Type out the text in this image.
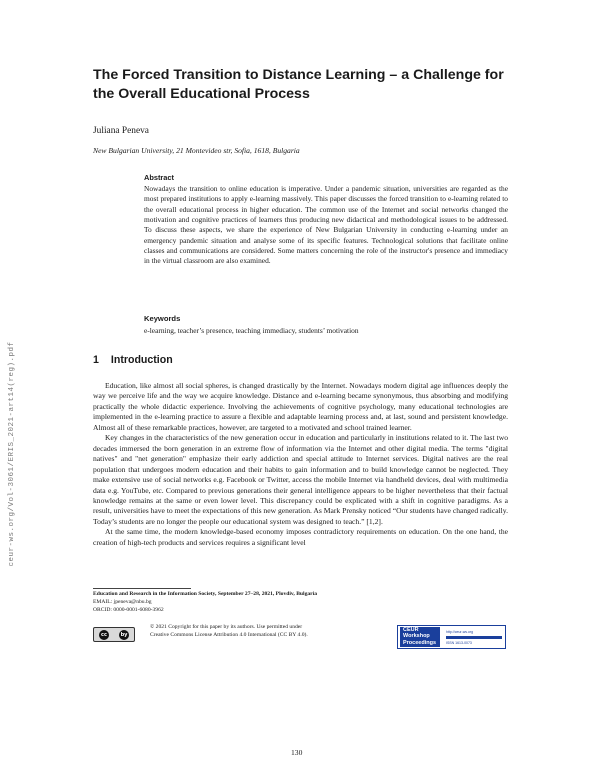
The Forced Transition to Distance Learning – a Challenge for the Overall Educational Process
Juliana Peneva
New Bulgarian University, 21 Montevideo str, Sofia, 1618, Bulgaria
Abstract
Nowadays the transition to online education is imperative. Under a pandemic situation, universities are regarded as the most prepared institutions to apply e-learning massively. This paper discusses the forced transition to e-learning related to the overall educational process in higher education. The common use of the Internet and social networks changed the motivation and cognitive practices of learners thus producing new didactical and methodological issues to be addressed. To discuss these aspects, we share the experience of New Bulgarian University in conducting e-learning under an emergency pandemic situation and analyse some of its specific features. Technological solutions that facilitate online classes and communications are considered. Some matters concerning the role of the instructor's presence and immediacy in the virtual classroom are also examined.
Keywords
e-learning, teacher’s presence, teaching immediacy, students’ motivation
1 Introduction

Education, like almost all social spheres, is changed drastically by the Internet. Nowadays modern digital age influences deeply the way we perceive life and the way we acquire knowledge. Distance and e-learning became synonymous, thus absorbing and modifying practically the whole didactic experience. Involving the achievements of cognitive psychology, many educational technologies are implemented in the e-learning practice to assure a flexible and adaptable learning process and, at last, sound and persistent knowledge. Almost all of these remarkable practices, however, are targeted to a motivated and school trained learner.

Key changes in the characteristics of the new generation occur in education and particularly in institutions related to it. The last two decades immersed the born generation in an extreme flow of information via the Internet and other digital media. The terms "digital natives" and "net generation" emphasize their early addiction and special attitude to Internet services. Digital natives are the real population that undergoes modern education and their habits to gain information and to build knowledge cannot be neglected. They make extensive use of social networks e.g. Facebook or Twitter, access the mobile Internet via handheld devices, deal with multimedia data e.g. YouTube, etc. Compared to previous generations their general intelligence appears to be higher nevertheless that their factual knowledge remains at the same or even lower level. This discrepancy could be explicated with a shift in cognitive paradigms. As a result, universities have to meet the expectations of this new generation. As Mark Prensky noticed “Our students have changed radically. Today’s students are no longer the people our educational system was designed to teach.” [1,2].

At the same time, the modern knowledge-based economy imposes contradictory requirements on education. On the one hand, the creation of high-tech products and services requires a significant level

Education and Research in the Information Society, September 27–28, 2021, Plovdiv, Bulgaria
EMAIL: jpeneva@nbu.bg
ORCID: 0000-0001-6080-3962
cc	by
© 2021 Copyright for this paper by its authors. Use permitted under Creative Commons License Attribution 4.0 International (CC BY 4.0).
CEUR Workshop Proceedings
http://ceur-ws.org
ISSN 1613-0073
130
ceur-ws.org/Vol-3061/ERIS_2021-art14(reg).pdf
